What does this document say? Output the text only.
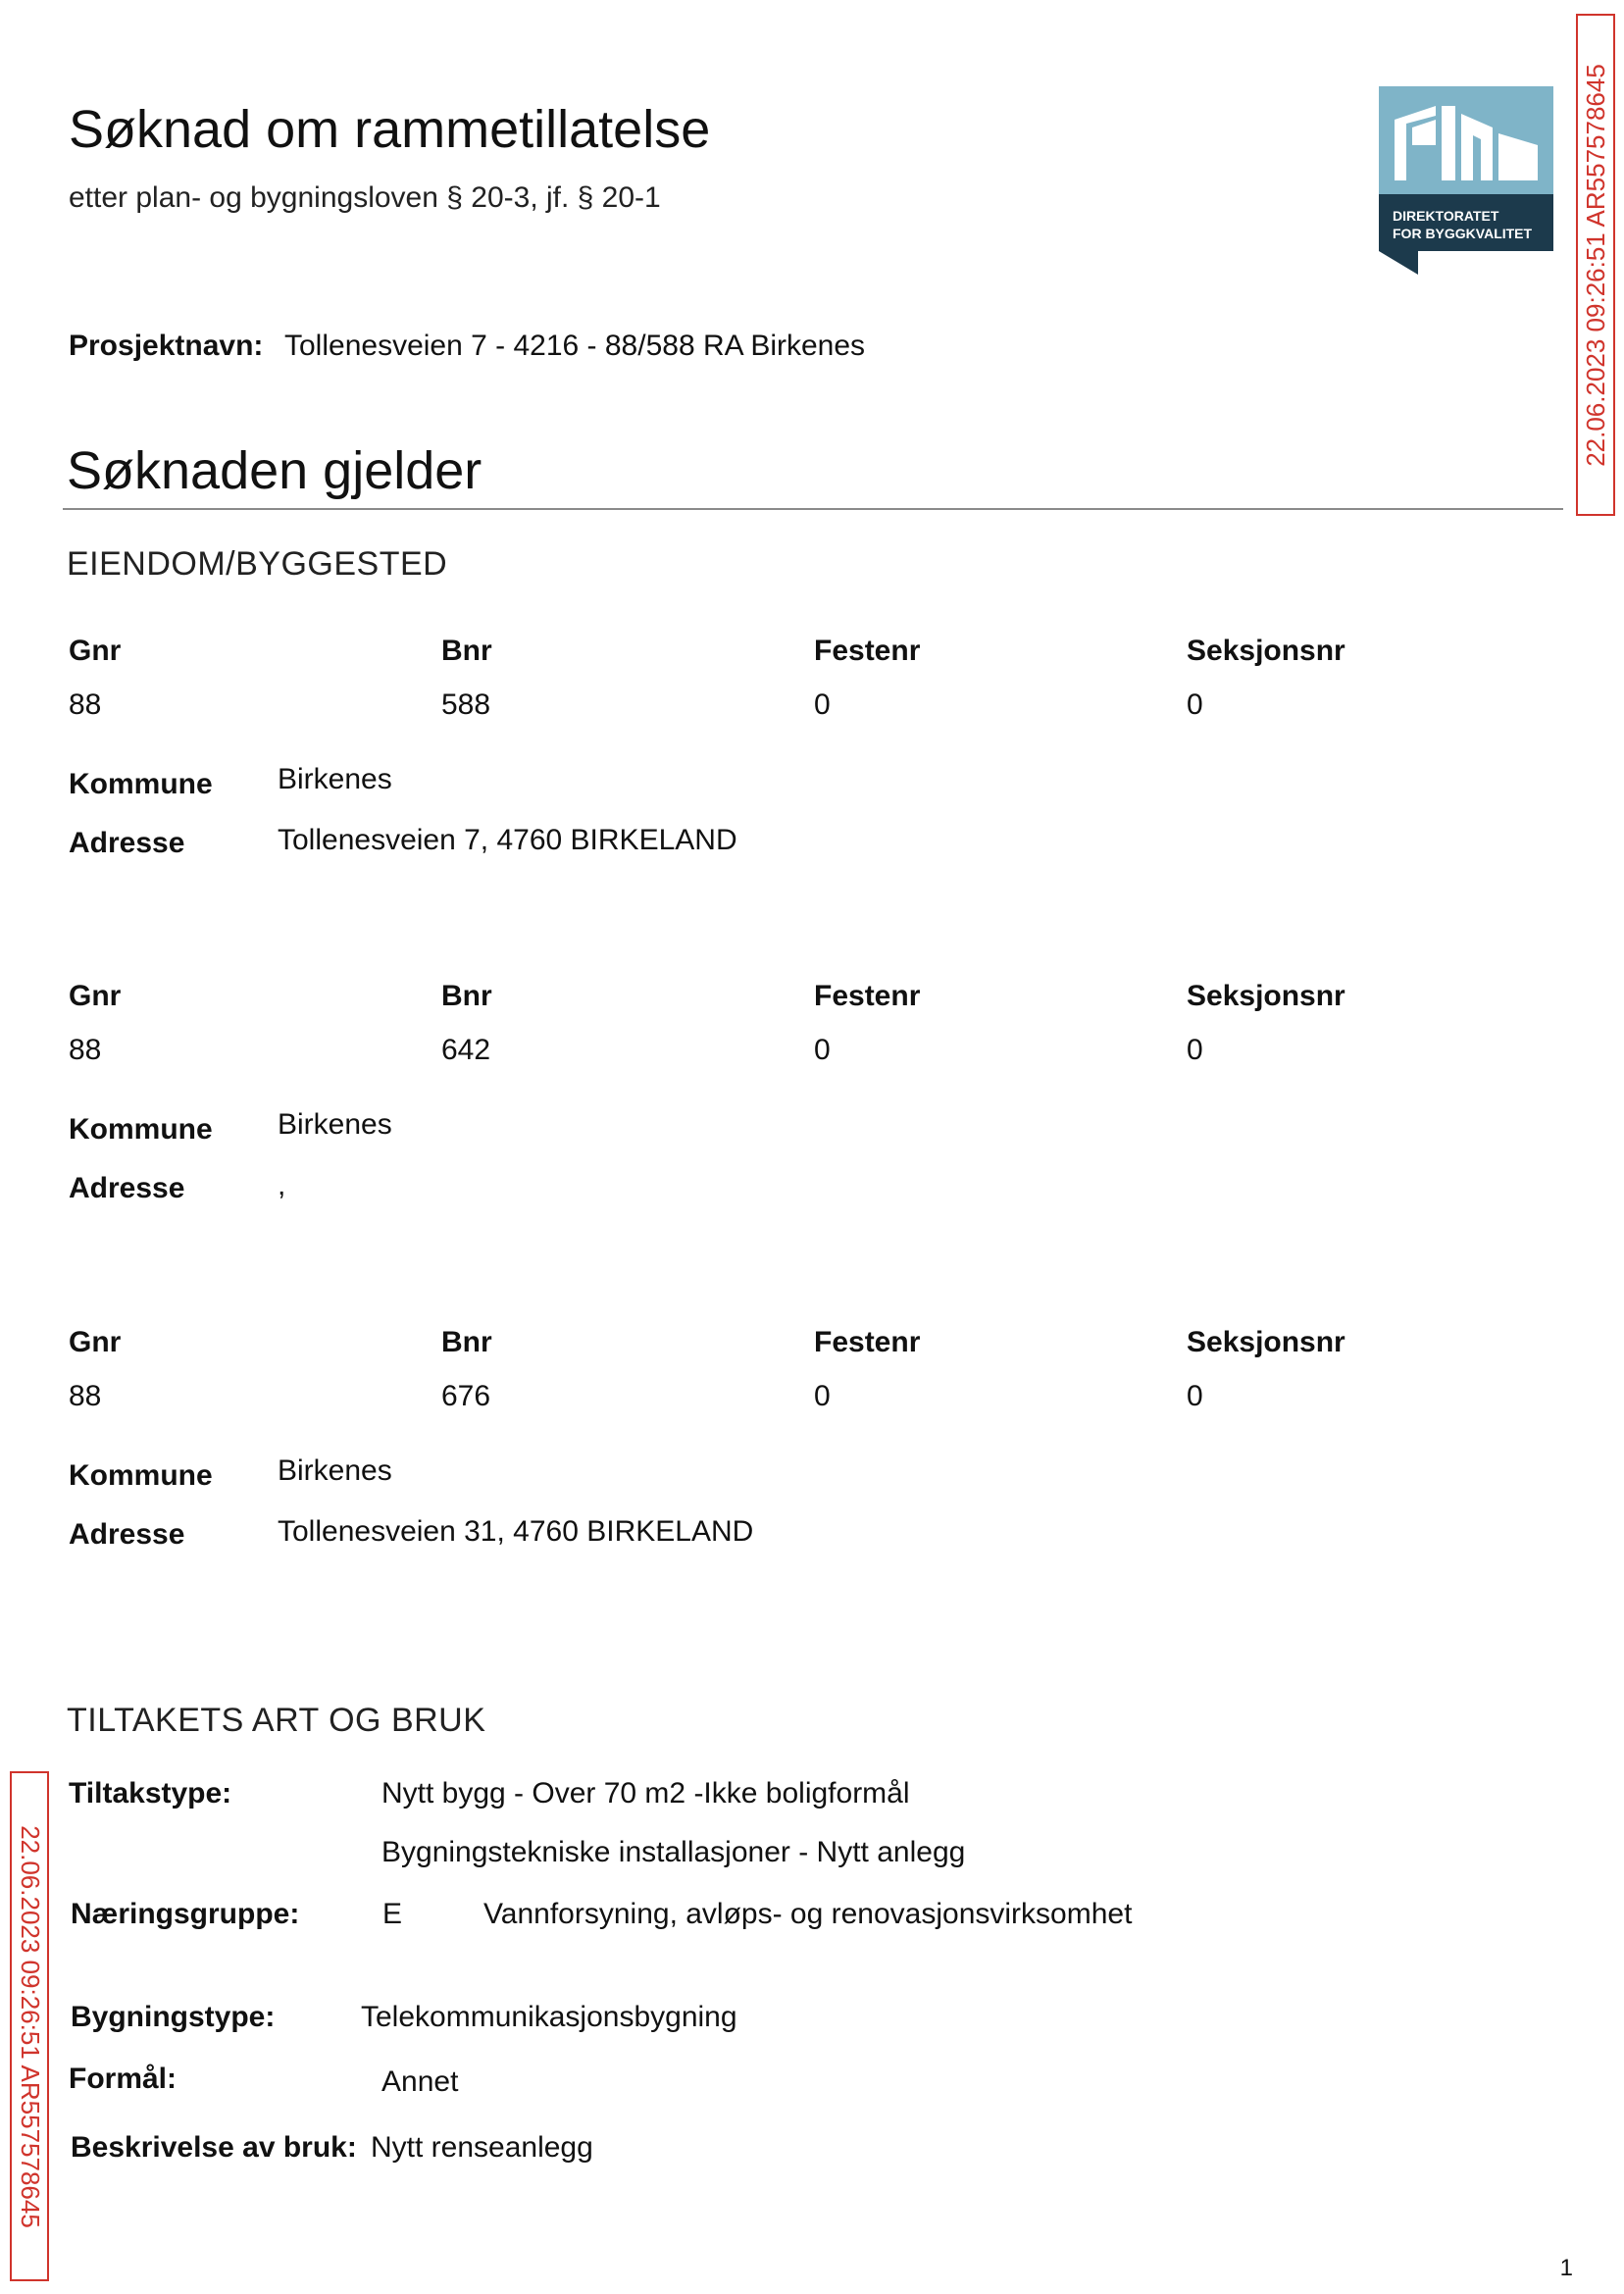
Søknad om rammetillatelse
etter plan- og bygningsloven § 20-3, jf. § 20-1
DIREKTORATET
FOR BYGGKVALITET 22.06.2023 09:26:51 AR557578645
Prosjektnavn: Tollenesveien 7 - 4216 - 88/588 RA Birkenes
Søknaden gjelder
EIENDOM/BYGGESTED
Gnr	Bnr	Festenr	Seksjonsnr
88	588	0	0
Kommune Birkenes
Adresse	Tollenesveien 7, 4760 BIRKELAND
Gnr	Bnr	Festenr	Seksjonsnr
88	642	0	0
Kommune Birkenes
Adresse	,
Gnr	Bnr	Festenr	Seksjonsnr
88	676	0	0
Kommune Birkenes
Adresse	Tollenesveien 31, 4760 BIRKELAND
TILTAKETS ART OG BRUK
Tiltakstype:	Nytt bygg - Over 70 m2 -Ikke boligformål
Bygningstekniske installasjoner - Nytt anlegg
Næringsgruppe:	E	Vannforsyning, avløps- og renovasjonsvirksomhet
Bygningstype:	Telekommunikasjonsbygning
Formål:	Annet
Beskrivelse av bruk: Nytt renseanlegg
22.06.2023 09:26:51 AR557578645
1
